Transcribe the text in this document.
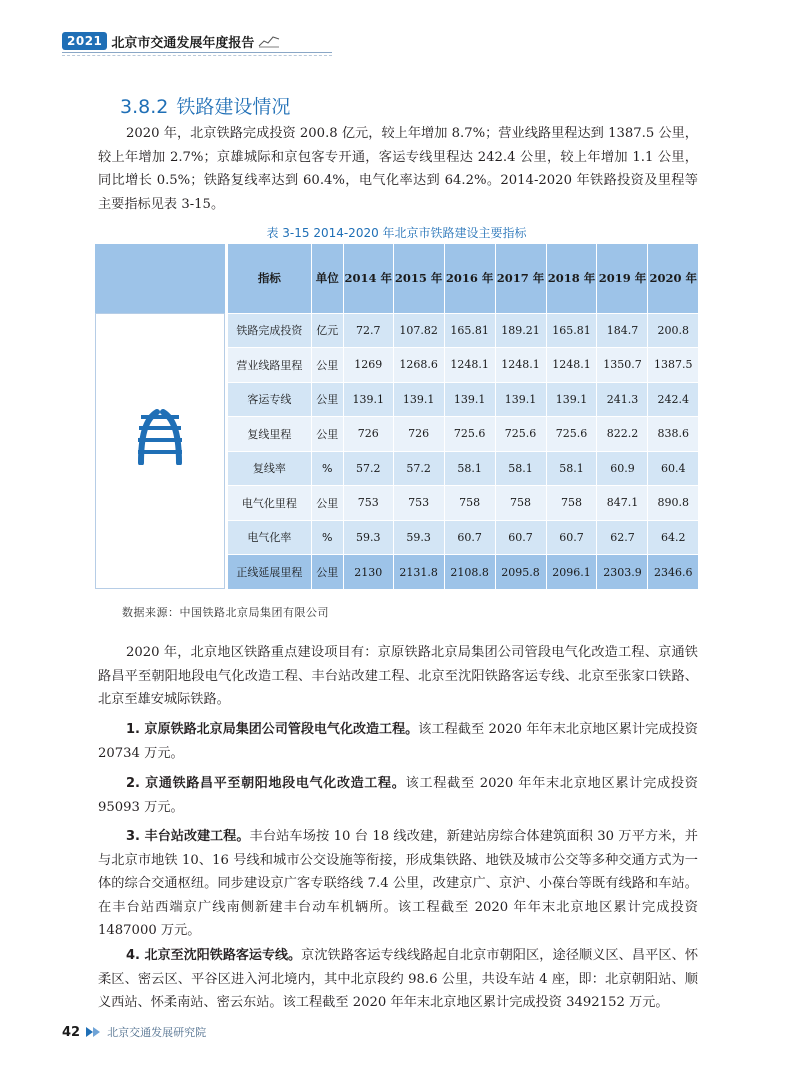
2021 北京市交通发展年度报告
3.8.2 铁路建设情况

2020 年，北京铁路完成投资 200.8 亿元，较上年增加 8.7%；营业线路里程达到 1387.5 公里，较上年增加 2.7%；京雄城际和京包客专开通，客运专线里程达 242.4 公里，较上年增加 1.1 公里，同比增长 0.5%；铁路复线率达到 60.4%，电气化率达到 64.2%。2014-2020 年铁路投资及里程等主要指标见表 3-15。

表 3-15 2014-2020 年北京市铁路建设主要指标
指标	单位	2014 年	2015 年	2016 年	2017 年	2018 年	2019 年	2020 年
铁路完成投资	亿元	72.7	107.82	165.81	189.21	165.81	184.7	200.8
营业线路里程	公里	1269	1268.6	1248.1	1248.1	1248.1	1350.7	1387.5
客运专线	公里	139.1	139.1	139.1	139.1	139.1	241.3	242.4
复线里程	公里	726	726	725.6	725.6	725.6	822.2	838.6
复线率	%	57.2	57.2	58.1	58.1	58.1	60.9	60.4
电气化里程	公里	753	753	758	758	758	847.1	890.8
电气化率	%	59.3	59.3	60.7	60.7	60.7	62.7	64.2
正线延展里程	公里	2130	2131.8	2108.8	2095.8	2096.1	2303.9	2346.6
数据来源：中国铁路北京局集团有限公司

2020 年，北京地区铁路重点建设项目有：京原铁路北京局集团公司管段电气化改造工程、京通铁路昌平至朝阳地段电气化改造工程、丰台站改建工程、北京至沈阳铁路客运专线、北京至张家口铁路、北京至雄安城际铁路。

1. 京原铁路北京局集团公司管段电气化改造工程。该工程截至 2020 年年末北京地区累计完成投资 20734 万元。

2. 京通铁路昌平至朝阳地段电气化改造工程。该工程截至 2020 年年末北京地区累计完成投资 95093 万元。

3. 丰台站改建工程。丰台站车场按 10 台 18 线改建，新建站房综合体建筑面积 30 万平方米，并与北京市地铁 10、16 号线和城市公交设施等衔接，形成集铁路、地铁及城市公交等多种交通方式为一体的综合交通枢纽。同步建设京广客专联络线 7.4 公里，改建京广、京沪、小葆台等既有线路和车站。在丰台站西端京广线南侧新建丰台动车机辆所。该工程截至 2020 年年末北京地区累计完成投资 1487000 万元。

4. 北京至沈阳铁路客运专线。京沈铁路客运专线线路起自北京市朝阳区，途径顺义区、昌平区、怀柔区、密云区、平谷区进入河北境内，其中北京段约 98.6 公里，共设车站 4 座，即：北京朝阳站、顺义西站、怀柔南站、密云东站。该工程截至 2020 年年末北京地区累计完成投资 3492152 万元。

42 北京交通发展研究院
